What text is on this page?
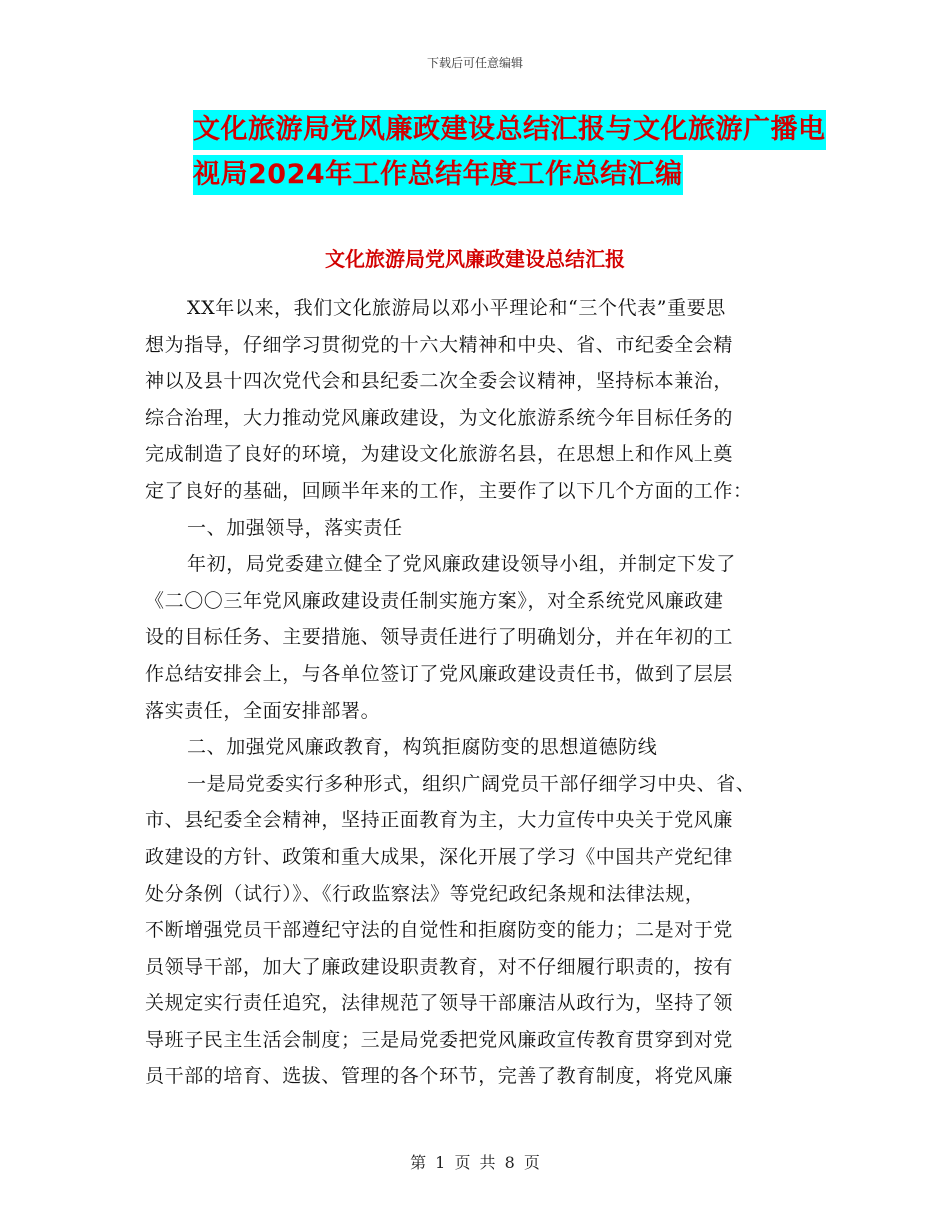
下载后可任意编辑
文化旅游局党风廉政建设总结汇报与文化旅游广播电
视局2024年工作总结年度工作总结汇编
文化旅游局党风廉政建设总结汇报
XX年以来，我们文化旅游局以邓小平理论和“三个代表”重要思
想为指导，仔细学习贯彻党的十六大精神和中央、省、市纪委全会精
神以及县十四次党代会和县纪委二次全委会议精神，坚持标本兼治，
综合治理，大力推动党风廉政建设，为文化旅游系统今年目标任务的
完成制造了良好的环境，为建设文化旅游名县，在思想上和作风上奠
定了良好的基础，回顾半年来的工作，主要作了以下几个方面的工作：
一、加强领导，落实责任
年初，局党委建立健全了党风廉政建设领导小组，并制定下发了
《二〇〇三年党风廉政建设责任制实施方案》，对全系统党风廉政建
设的目标任务、主要措施、领导责任进行了明确划分，并在年初的工
作总结安排会上，与各单位签订了党风廉政建设责任书，做到了层层
落实责任，全面安排部署。
二、加强党风廉政教育，构筑拒腐防变的思想道德防线
一是局党委实行多种形式，组织广阔党员干部仔细学习中央、省、
市、县纪委全会精神，坚持正面教育为主，大力宣传中央关于党风廉
政建设的方针、政策和重大成果，深化开展了学习《中国共产党纪律
处分条例（试行）》、《行政监察法》等党纪政纪条规和法律法规，
不断增强党员干部遵纪守法的自觉性和拒腐防变的能力；二是对于党
员领导干部，加大了廉政建设职责教育，对不仔细履行职责的，按有
关规定实行责任追究，法律规范了领导干部廉洁从政行为，坚持了领
导班子民主生活会制度；三是局党委把党风廉政宣传教育贯穿到对党
员干部的培育、选拔、管理的各个环节，完善了教育制度，将党风廉
第 1 页 共 8 页
